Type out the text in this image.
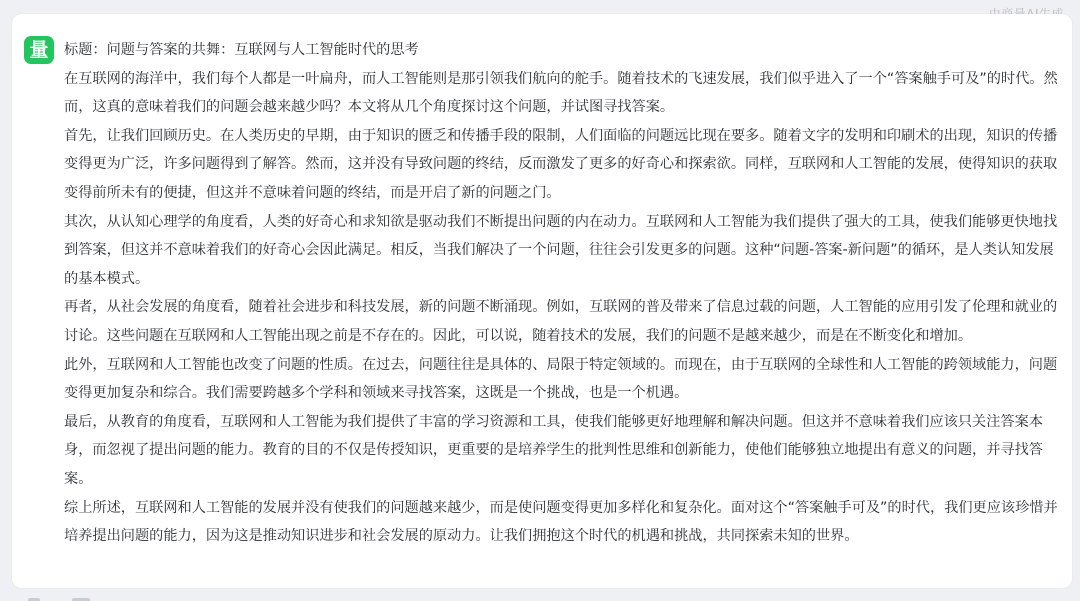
量	标题：问题与答案的共舞：互联网与人工智能时代的思考

在互联网的海洋中，我们每个人都是一叶扁舟，而人工智能则是那引领我们航向的舵手。随着技术的飞速发展，我们似乎进入了一个“答案触手可及”的时代。然而，这真的意味着我们的问题会越来越少吗？本文将从几个角度探讨这个问题，并试图寻找答案。

首先，让我们回顾历史。在人类历史的早期，由于知识的匮乏和传播手段的限制，人们面临的问题远比现在要多。随着文字的发明和印刷术的出现，知识的传播变得更为广泛，许多问题得到了解答。然而，这并没有导致问题的终结，反而激发了更多的好奇心和探索欲。同样，互联网和人工智能的发展，使得知识的获取变得前所未有的便捷，但这并不意味着问题的终结，而是开启了新的问题之门。

其次，从认知心理学的角度看，人类的好奇心和求知欲是驱动我们不断提出问题的内在动力。互联网和人工智能为我们提供了强大的工具，使我们能够更快地找到答案，但这并不意味着我们的好奇心会因此满足。相反，当我们解决了一个问题，往往会引发更多的问题。这种“问题-答案-新问题”的循环，是人类认知发展的基本模式。

再者，从社会发展的角度看，随着社会进步和科技发展，新的问题不断涌现。例如，互联网的普及带来了信息过载的问题，人工智能的应用引发了伦理和就业的讨论。这些问题在互联网和人工智能出现之前是不存在的。因此，可以说，随着技术的发展，我们的问题不是越来越少，而是在不断变化和增加。

此外，互联网和人工智能也改变了问题的性质。在过去，问题往往是具体的、局限于特定领域的。而现在，由于互联网的全球性和人工智能的跨领域能力，问题变得更加复杂和综合。我们需要跨越多个学科和领域来寻找答案，这既是一个挑战，也是一个机遇。

最后，从教育的角度看，互联网和人工智能为我们提供了丰富的学习资源和工具，使我们能够更好地理解和解决问题。但这并不意味着我们应该只关注答案本身，而忽视了提出问题的能力。教育的目的不仅是传授知识，更重要的是培养学生的批判性思维和创新能力，使他们能够独立地提出有意义的问题，并寻找答案。

综上所述，互联网和人工智能的发展并没有使我们的问题越来越少，而是使问题变得更加多样化和复杂化。面对这个“答案触手可及”的时代，我们更应该珍惜并培养提出问题的能力，因为这是推动知识进步和社会发展的原动力。让我们拥抱这个时代的机遇和挑战，共同探索未知的世界。
